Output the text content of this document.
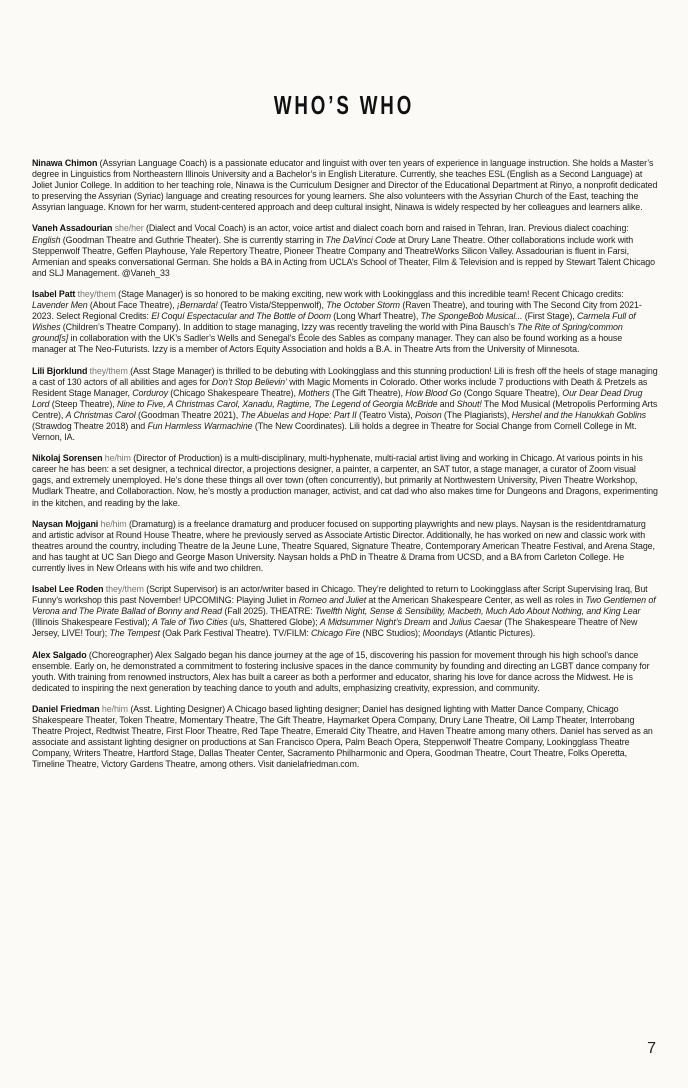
WHO’S WHO

Ninawa Chimon (Assyrian Language Coach) is a passionate educator and linguist with over ten years of experience in language instruction. She holds a Master’s degree in Linguistics from Northeastern Illinois University and a Bachelor’s in English Literature. Currently, she teaches ESL (English as a Second Language) at Joliet Junior College. In addition to her teaching role, Ninawa is the Curriculum Designer and Director of the Educational Department at Rinyo, a nonprofit dedicated to preserving the Assyrian (Syriac) language and creating resources for young learners. She also volunteers with the Assyrian Church of the East, teaching the Assyrian language. Known for her warm, student-centered approach and deep cultural insight, Ninawa is widely respected by her colleagues and learners alike.

Vaneh Assadourian she/her (Dialect and Vocal Coach) is an actor, voice artist and dialect coach born and raised in Tehran, Iran. Previous dialect coaching: English (Goodman Theatre and Guthrie Theater). She is currently starring in The DaVinci Code at Drury Lane Theatre. Other collaborations include work with Steppenwolf Theatre, Geffen Playhouse, Yale Repertory Theatre, Pioneer Theatre Company and TheatreWorks Silicon Valley. Assadourian is fluent in Farsi, Armenian and speaks conversational German. She holds a BA in Acting from UCLA’s School of Theater, Film & Television and is repped by Stewart Talent Chicago and SLJ Management. @Vaneh_33

Isabel Patt they/them (Stage Manager) is so honored to be making exciting, new work with Lookingglass and this incredible team! Recent Chicago credits: Lavender Men (About Face Theatre), ¡Bernarda! (Teatro Vista/Steppenwolf), The October Storm (Raven Theatre), and touring with The Second City from 2021-2023. Select Regional Credits: El Coquí Espectacular and The Bottle of Doom (Long Wharf Theatre), The SpongeBob Musical... (First Stage), Carmela Full of Wishes (Children’s Theatre Company). In addition to stage managing, Izzy was recently traveling the world with Pina Bausch’s The Rite of Spring/common ground[s] in collaboration with the UK’s Sadler’s Wells and Senegal’s École des Sables as company manager. They can also be found working as a house manager at The Neo-Futurists. Izzy is a member of Actors Equity Association and holds a B.A. in Theatre Arts from the University of Minnesota.

Lili Bjorklund they/them (Asst Stage Manager) is thrilled to be debuting with Lookingglass and this stunning production! Lili is fresh off the heels of stage managing a cast of 130 actors of all abilities and ages for Don’t Stop Believin’ with Magic Moments in Colorado. Other works include 7 productions with Death & Pretzels as Resident Stage Manager, Corduroy (Chicago Shakespeare Theatre), Mothers (The Gift Theatre), How Blood Go (Congo Square Theatre), Our Dear Dead Drug Lord (Steep Theatre), Nine to Five, A Christmas Carol, Xanadu, Ragtime, The Legend of Georgia McBride and Shout! The Mod Musical (Metropolis Performing Arts Centre), A Christmas Carol (Goodman Theatre 2021), The Abuelas and Hope: Part II (Teatro Vista), Poison (The Plagiarists), Hershel and the Hanukkah Goblins (Strawdog Theatre 2018) and Fun Harmless Warmachine (The New Coordinates). Lili holds a degree in Theatre for Social Change from Cornell College in Mt. Vernon, IA.

Nikolaj Sorensen he/him (Director of Production) is a multi-disciplinary, multi-hyphenate, multi-racial artist living and working in Chicago. At various points in his career he has been: a set designer, a technical director, a projections designer, a painter, a carpenter, an SAT tutor, a stage manager, a curator of Zoom visual gags, and extremely unemployed. He’s done these things all over town (often concurrently), but primarily at Northwestern University, Piven Theatre Workshop, Mudlark Theatre, and Collaboraction. Now, he’s mostly a production manager, activist, and cat dad who also makes time for Dungeons and Dragons, experimenting in the kitchen, and reading by the lake.

Naysan Mojgani he/him (Dramaturg) is a freelance dramaturg and producer focused on supporting playwrights and new plays. Naysan is the residentdramaturg and artistic advisor at Round House Theatre, where he previously served as Associate Artistic Director. Additionally, he has worked on new and classic work with theatres around the country, including Theatre de la Jeune Lune, Theatre Squared, Signature Theatre, Contemporary American Theatre Festival, and Arena Stage, and has taught at UC San Diego and George Mason University. Naysan holds a PhD in Theatre & Drama from UCSD, and a BA from Carleton College. He currently lives in New Orleans with his wife and two children.

Isabel Lee Roden they/them (Script Supervisor) is an actor/writer based in Chicago. They’re delighted to return to Lookingglass after Script Supervising Iraq, But Funny’s workshop this past November! UPCOMING: Playing Juliet in Romeo and Juliet at the American Shakespeare Center, as well as roles in Two Gentlemen of Verona and The Pirate Ballad of Bonny and Read (Fall 2025). THEATRE: Twelfth Night, Sense & Sensibility, Macbeth, Much Ado About Nothing, and King Lear (Illinois Shakespeare Festival); A Tale of Two Cities (u/s, Shattered Globe); A Midsummer Night’s Dream and Julius Caesar (The Shakespeare Theatre of New Jersey, LIVE! Tour); The Tempest (Oak Park Festival Theatre). TV/FILM: Chicago Fire (NBC Studios); Moondays (Atlantic Pictures).

Alex Salgado (Choreographer) Alex Salgado began his dance journey at the age of 15, discovering his passion for movement through his high school’s dance ensemble. Early on, he demonstrated a commitment to fostering inclusive spaces in the dance community by founding and directing an LGBT dance company for youth. With training from renowned instructors, Alex has built a career as both a performer and educator, sharing his love for dance across the Midwest. He is dedicated to inspiring the next generation by teaching dance to youth and adults, emphasizing creativity, expression, and community.

Daniel Friedman he/him (Asst. Lighting Designer) A Chicago based lighting designer; Daniel has designed lighting with Matter Dance Company, Chicago Shakespeare Theater, Token Theatre, Momentary Theatre, The Gift Theatre, Haymarket Opera Company, Drury Lane Theatre, Oil Lamp Theater, Interrobang Theatre Project, Redtwist Theatre, First Floor Theatre, Red Tape Theatre, Emerald City Theatre, and Haven Theatre among many others. Daniel has served as an associate and assistant lighting designer on productions at San Francisco Opera, Palm Beach Opera, Steppenwolf Theatre Company, Lookingglass Theatre Company, Writers Theatre, Hartford Stage, Dallas Theater Center, Sacramento Philharmonic and Opera, Goodman Theatre, Court Theatre, Folks Operetta, Timeline Theatre, Victory Gardens Theatre, among others. Visit danielafriedman.com.

7
